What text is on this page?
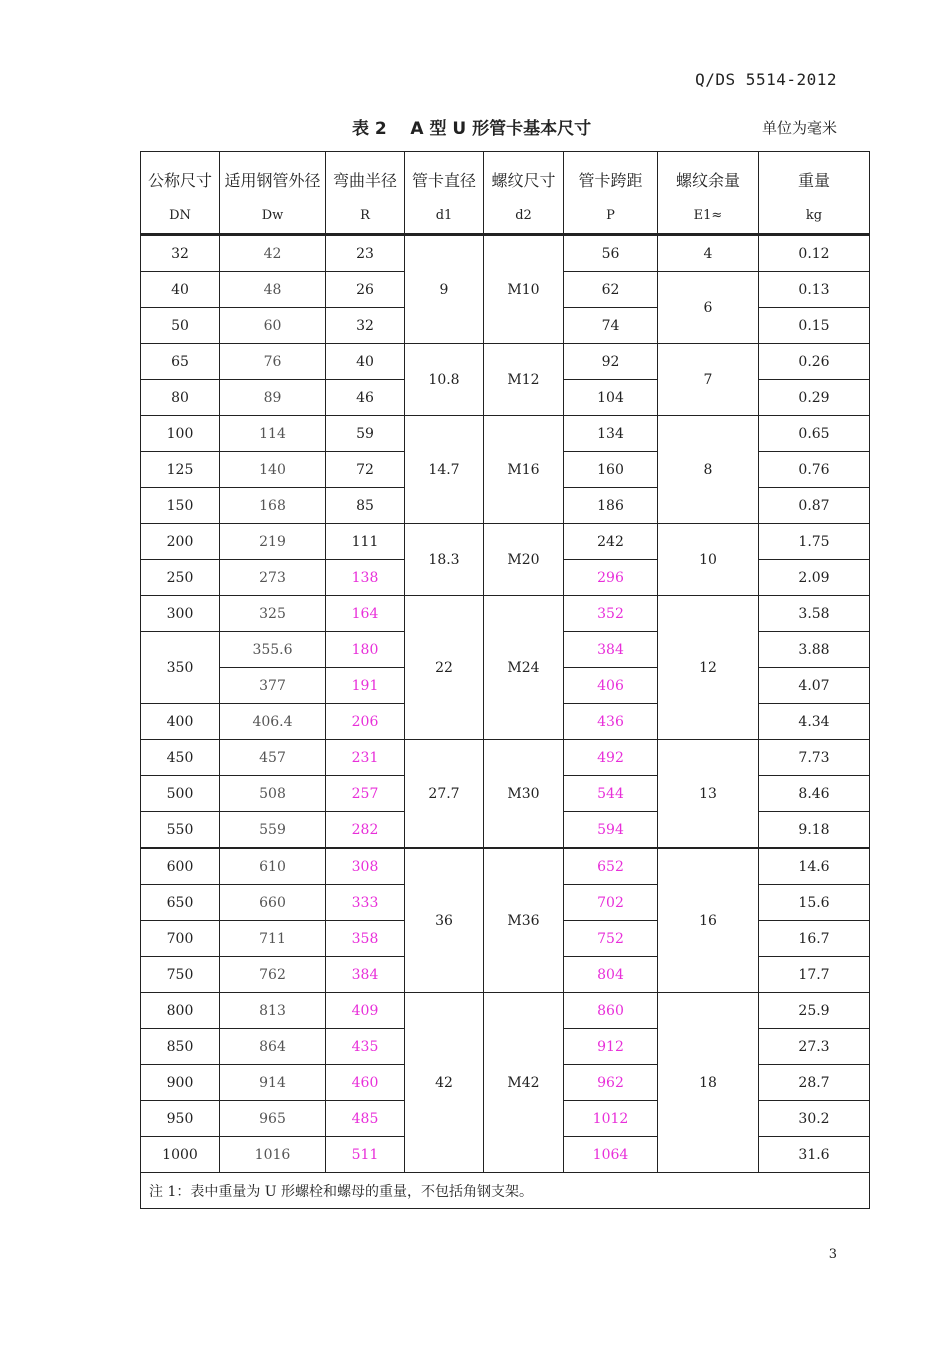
Q/DS 5514-2012
表 2    A 型 U 形管卡基本尺寸	单位为毫米
公称尺寸	适用钢管外径	弯曲半径	管卡直径	螺纹尺寸	管卡跨距	螺纹余量	重量
DN	Dw	R	d1	d2	P	E1≈	kg
32	42	23	9	M10	56	4	0.12
40	48	26			62	6	0.13
50	60	32			74		0.15
65	76	40	10.8	M12	92	7	0.26
80	89	46			104		0.29
100	114	59	14.7	M16	134	8	0.65
125	140	72			160		0.76
150	168	85			186		0.87
200	219	111	18.3	M20	242	10	1.75
250	273	138			296		2.09
300	325	164	22	M24	352	12	3.58
350	355.6	180			384		3.88
	377	191			406		4.07
400	406.4	206			436		4.34
450	457	231	27.7	M30	492	13	7.73
500	508	257			544		8.46
550	559	282			594		9.18
600	610	308	36	M36	652	16	14.6
650	660	333			702		15.6
700	711	358			752		16.7
750	762	384			804		17.7
800	813	409	42	M42	860	18	25.9
850	864	435			912		27.3
900	914	460			962		28.7
950	965	485			1012		30.2
1000	1016	511			1064		31.6
注 1：表中重量为 U 形螺栓和螺母的重量，不包括角钢支架。							
3
